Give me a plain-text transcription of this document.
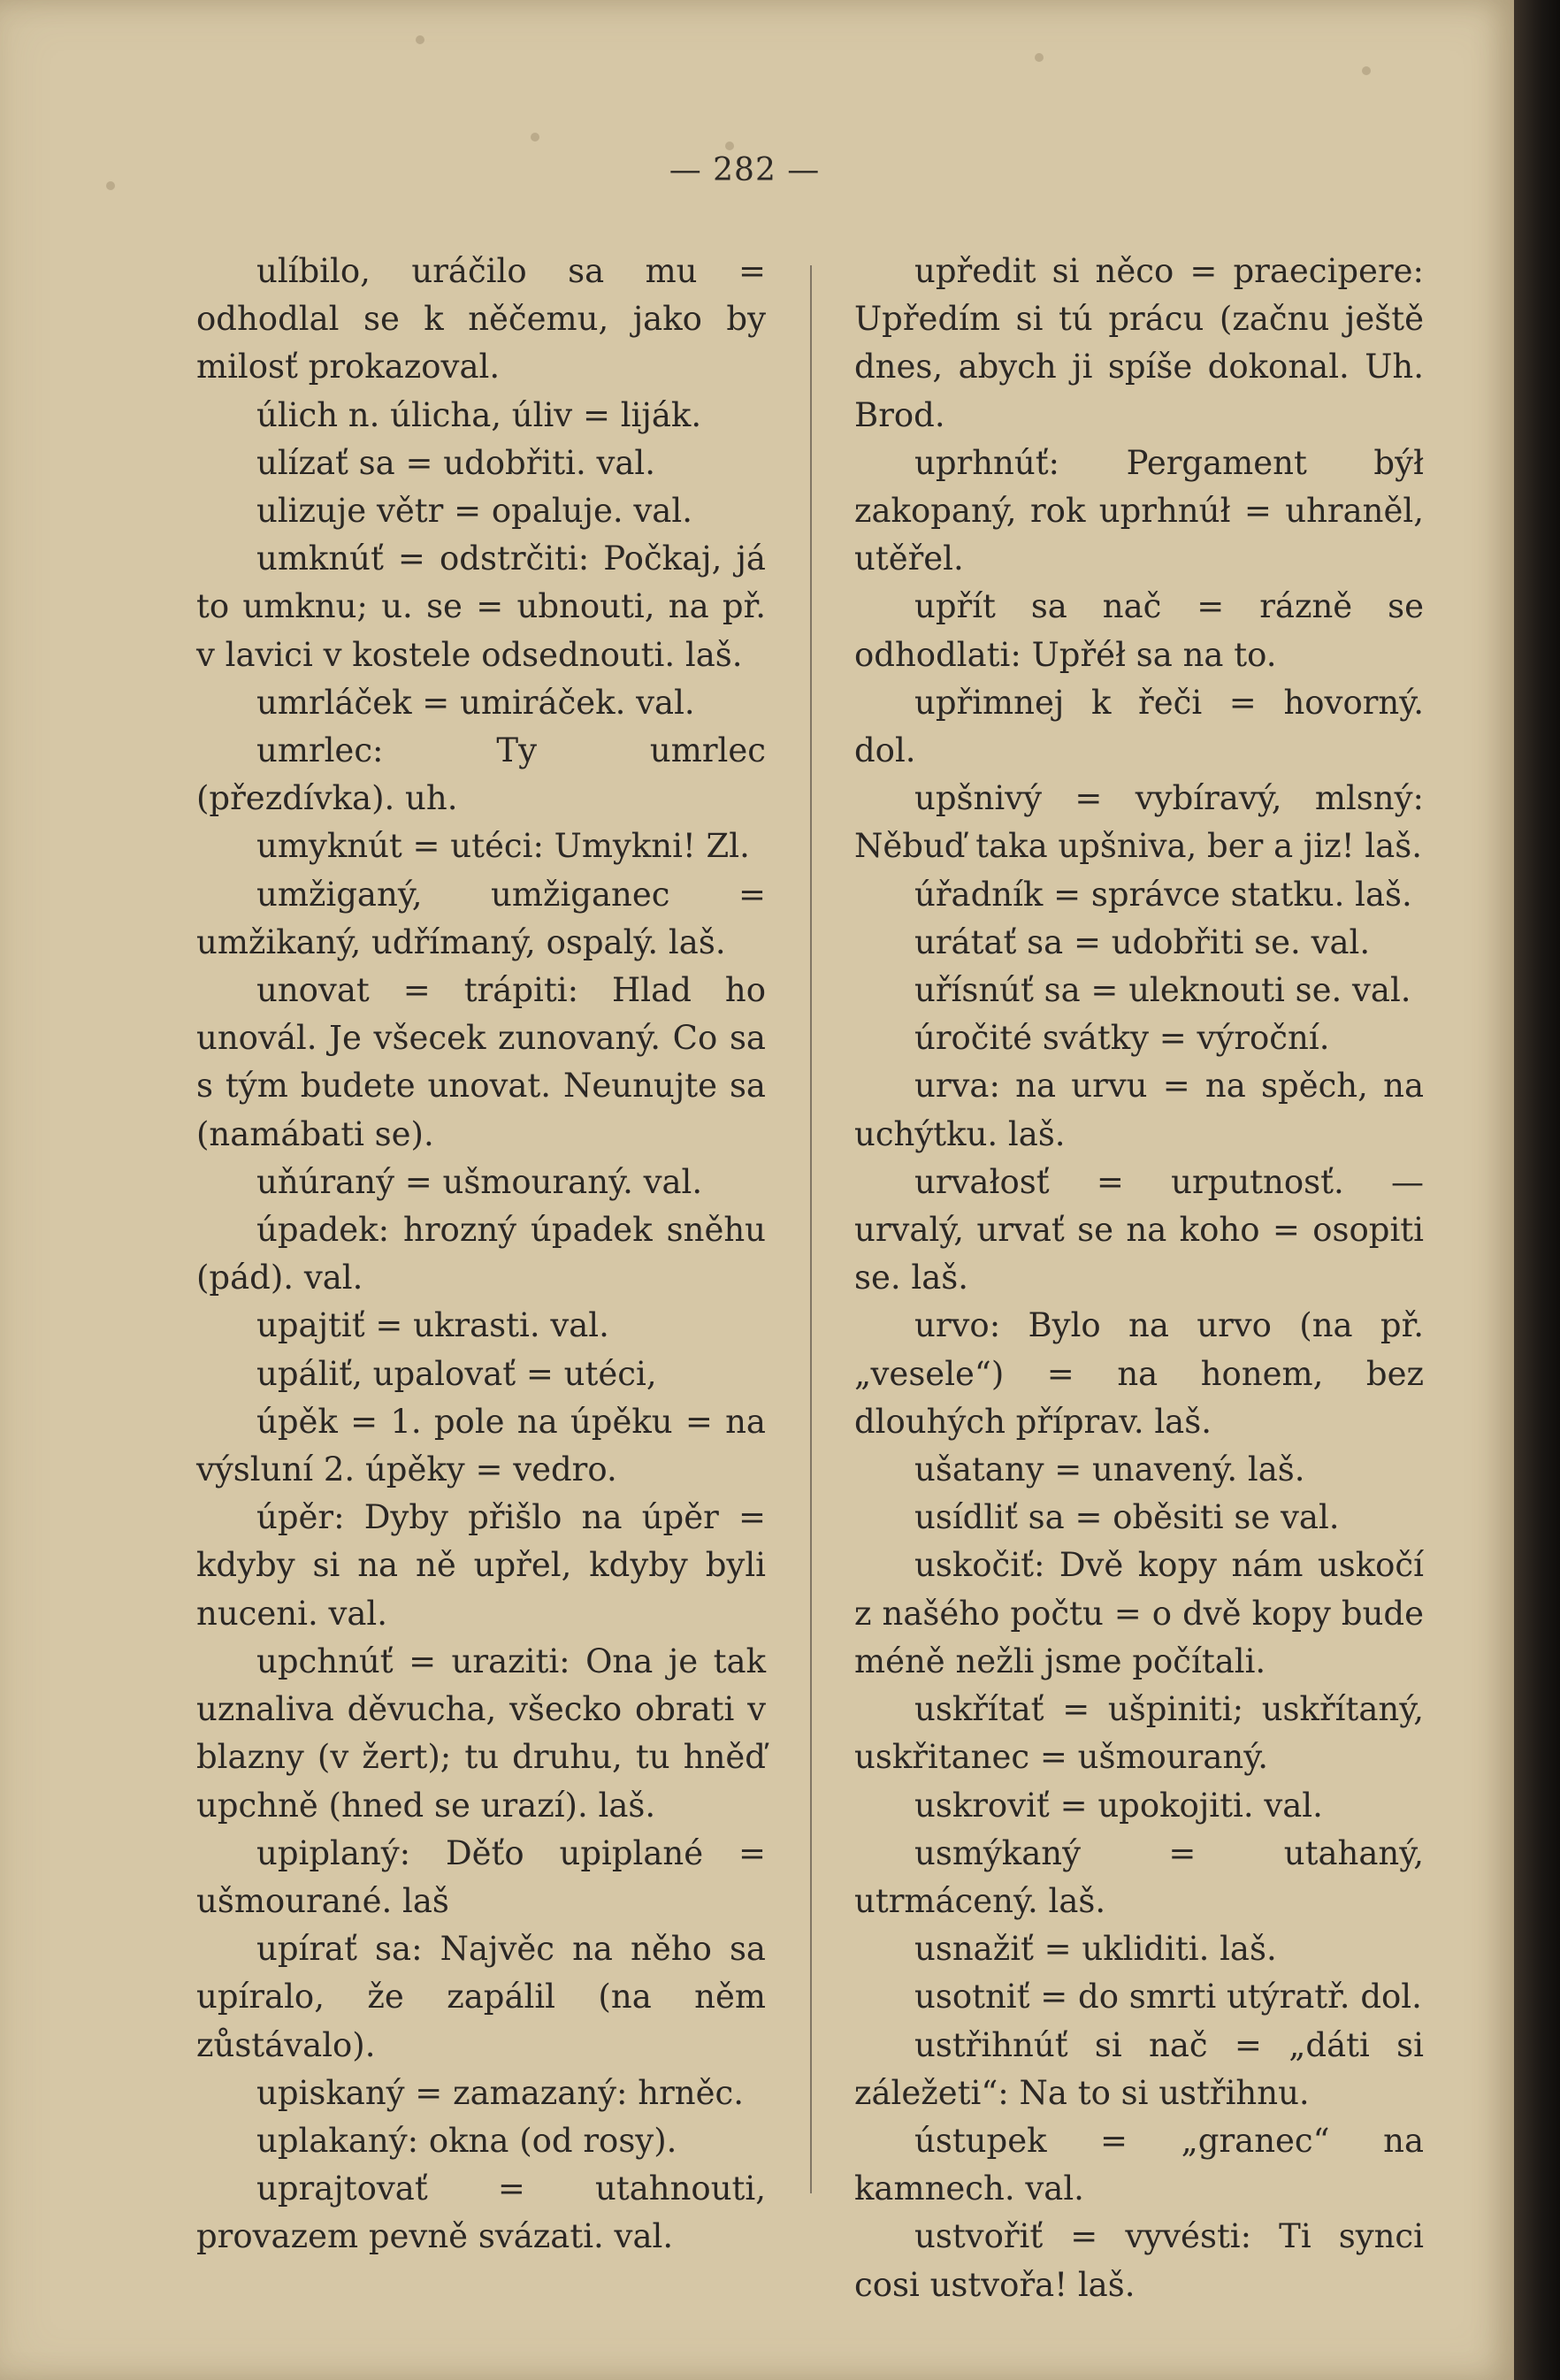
— 282 —

ulíbilo, uráčilo sa mu = odhodlal se k něčemu, jako by milosť prokazoval.

úlich n. úlicha, úliv = liják.

ulízať sa = udobřiti. val.

ulizuje větr = opaluje. val.

umknúť = odstrčiti: Počkaj, já to umknu; u. se = ubnouti, na př. v lavici v kostele odsednouti. laš.

umrláček = umiráček. val.

umrlec: Ty umrlec (přezdívka). uh.

umyknút = utéci: Umykni! Zl.

umžiganý, umžiganec = umžikaný, udřímaný, ospalý. laš.

unovat = trápiti: Hlad ho unovál. Je všecek zunovaný. Co sa s tým budete unovat. Neunujte sa (namábati se).

uňúraný = ušmouraný. val.

úpadek: hrozný úpadek sněhu (pád). val.

upajtiť = ukrasti. val.

upáliť, upalovať = utéci,

úpěk = 1. pole na úpěku = na výsluní 2. úpěky = vedro.

úpěr: Dyby přišlo na úpěr = kdyby si na ně upřel, kdyby byli nuceni. val.

upchnúť = uraziti: Ona je tak uznaliva děvucha, všecko obrati v blazny (v žert); tu druhu, tu hněď upchně (hned se urazí). laš.

upiplaný: Děťo upiplané = ušmourané. laš

upírať sa: Najvěc na něho sa upíralo, že zapálil (na něm zůstávalo).

upiskaný = zamazaný: hrněc.

uplakaný: okna (od rosy).

uprajtovať = utahnouti, provazem pevně svázati. val.

upředit si něco = praecipere: Upředím si tú prácu (začnu ještě dnes, abych ji spíše dokonal. Uh. Brod.

uprhnúť: Pergament býł zakopaný, rok uprhnúł = uhraněl, utěřel.

upřít sa nač = rázně se odhodlati: Upřéł sa na to.

upřimnej k řeči = hovorný. dol.

upšnivý = vybíravý, mlsný: Něbuď taka upšniva, ber a jiz! laš.

úřadník = správce statku. laš.

urátať sa = udobřiti se. val.

uřísnúť sa = uleknouti se. val.

úročité svátky = výroční.

urva: na urvu = na spěch, na uchýtku. laš.

urvałosť = urputnosť. — urvalý, urvať se na koho = osopiti se. laš.

urvo: Bylo na urvo (na př. „vesele“) = na honem, bez dlouhých příprav. laš.

ušatany = unavený. laš.

usídliť sa = oběsiti se val.

uskočiť: Dvě kopy nám uskočí z našého počtu = o dvě kopy bude méně nežli jsme počítali.

uskřítať = ušpiniti; uskřítaný, uskřitanec = ušmouraný.

uskroviť = upokojiti. val.

usmýkaný = utahaný, utrmácený. laš.

usnažiť = ukliditi. laš.

usotniť = do smrti utýratř. dol.

ustřihnúť si nač = „dáti si záležeti“: Na to si ustřihnu.

ústupek = „granec“ na kamnech. val.

ustvořiť = vyvésti: Ti synci cosi ustvořa! laš.
